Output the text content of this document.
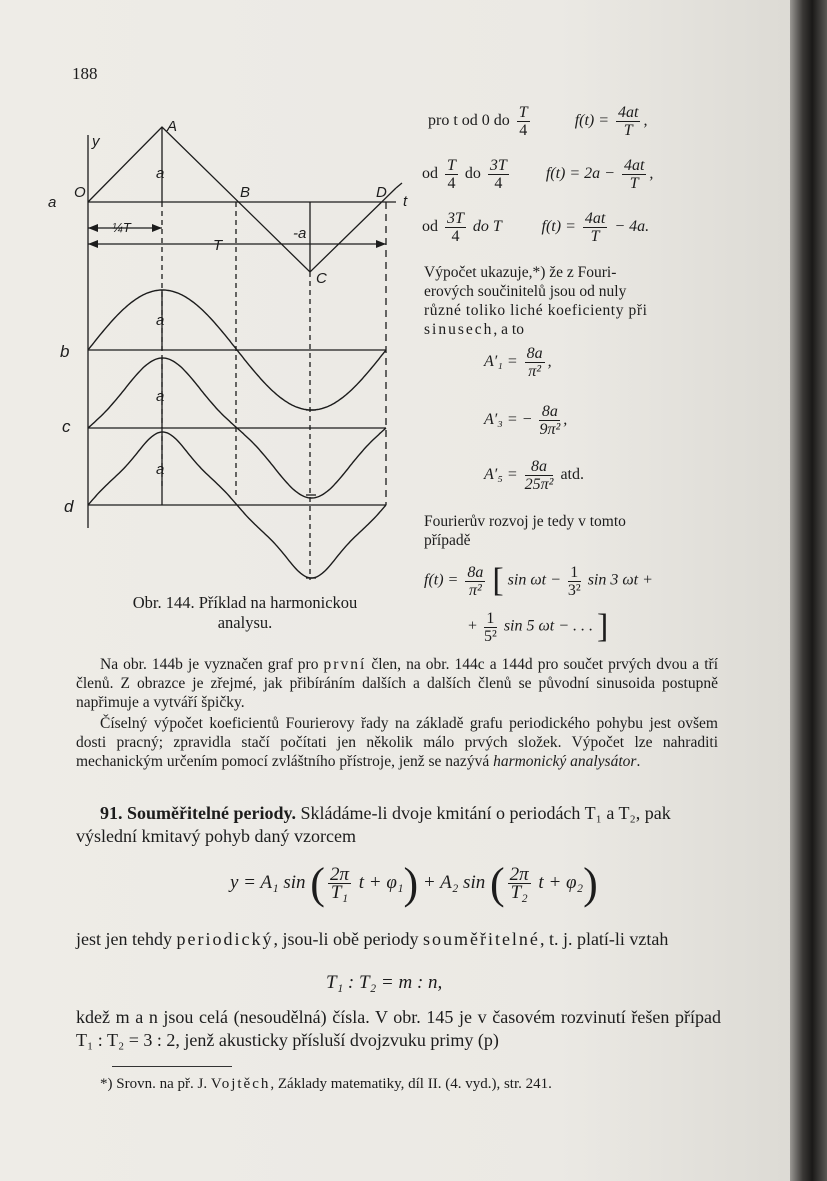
188
y
A
a
a
O	B	D
t
¼T
T
-a
C
b
c
d
a
a
a
Obr. 144. Příklad na harmonickou
analysu.
pro t od 0 do $\frac{T}{4}$	$f(t) = \frac{4at}{T}$ ,
od $\frac{T}{4}$ do $\frac{3T}{4} f(t) = 2a - \frac{4at}{T}$ ,
od $\frac{3T}{4}$ do T	$f(t) = \frac{4at}{T} - 4a$.
Výpočet ukazuje,*) že z Fouri-
erových součinitelů jsou od nuly
různé toliko liché koeficienty při
sinusech, a to
$A'_1 = \frac{8a}{\text{π²}}$ ,
A′₃ = − $\frac{8a}{\text{9π²}}$ ,
$A'_5 = \frac{8a}{\text{25π²}}$ atd.
Fourierův rozvoj je tedy v tomto
případě
$f(t) = \frac{8a}{\text{π²}}$ [ $\sin \omega t - \frac{1}{\text{3²}}$ sin 3 ωt +
+ $\frac{1}{\text{5²}}$ sin 5 ωt − . . . ]
Na obr. 144b je vyznačen graf pro první člen, na obr. 144c a 144d pro součet prvých dvou a tří členů. Z obrazce je zřejmé, jak přibíráním dalších a dalších členů se původní sinusoida postupně napřimuje a vytváří špičky.
Číselný výpočet koeficientů Fourierovy řady na základě grafu periodického pohybu jest ovšem dosti pracný; zpravidla stačí počítati jen několik málo prvých složek. Výpočet lze nahraditi mechanickým určením pomocí zvláštního přístroje, jenž se nazývá harmonický analysátor.
91. Souměřitelné periody. Skládáme-li dvoje kmitání o periodách T₁ a T₂, pak výslední kmitavý pohyb daný vzorcem
y = A₁ sin ( $\frac{2\pi}{\text{T₁}}$ t + φ₁) + A₂ sin ( $\frac{2\pi}{\text{T₂}}$ t + φ₂)
jest jen tehdy periodický, jsou-li obě periody souměřitelné, t. j. platí-li vztah
T₁ : T₂ = m : n,
kdež m a n jsou celá (nesoudělná) čísla. V obr. 145 je v časovém rozvinutí řešen případ T₁ : T₂ = 3 : 2, jenž akusticky přísluší dvojzvuku primy (p)
*) Srovn. na př. J. Vojtěch, Základy matematiky, díl II. (4. vyd.), str. 241.
